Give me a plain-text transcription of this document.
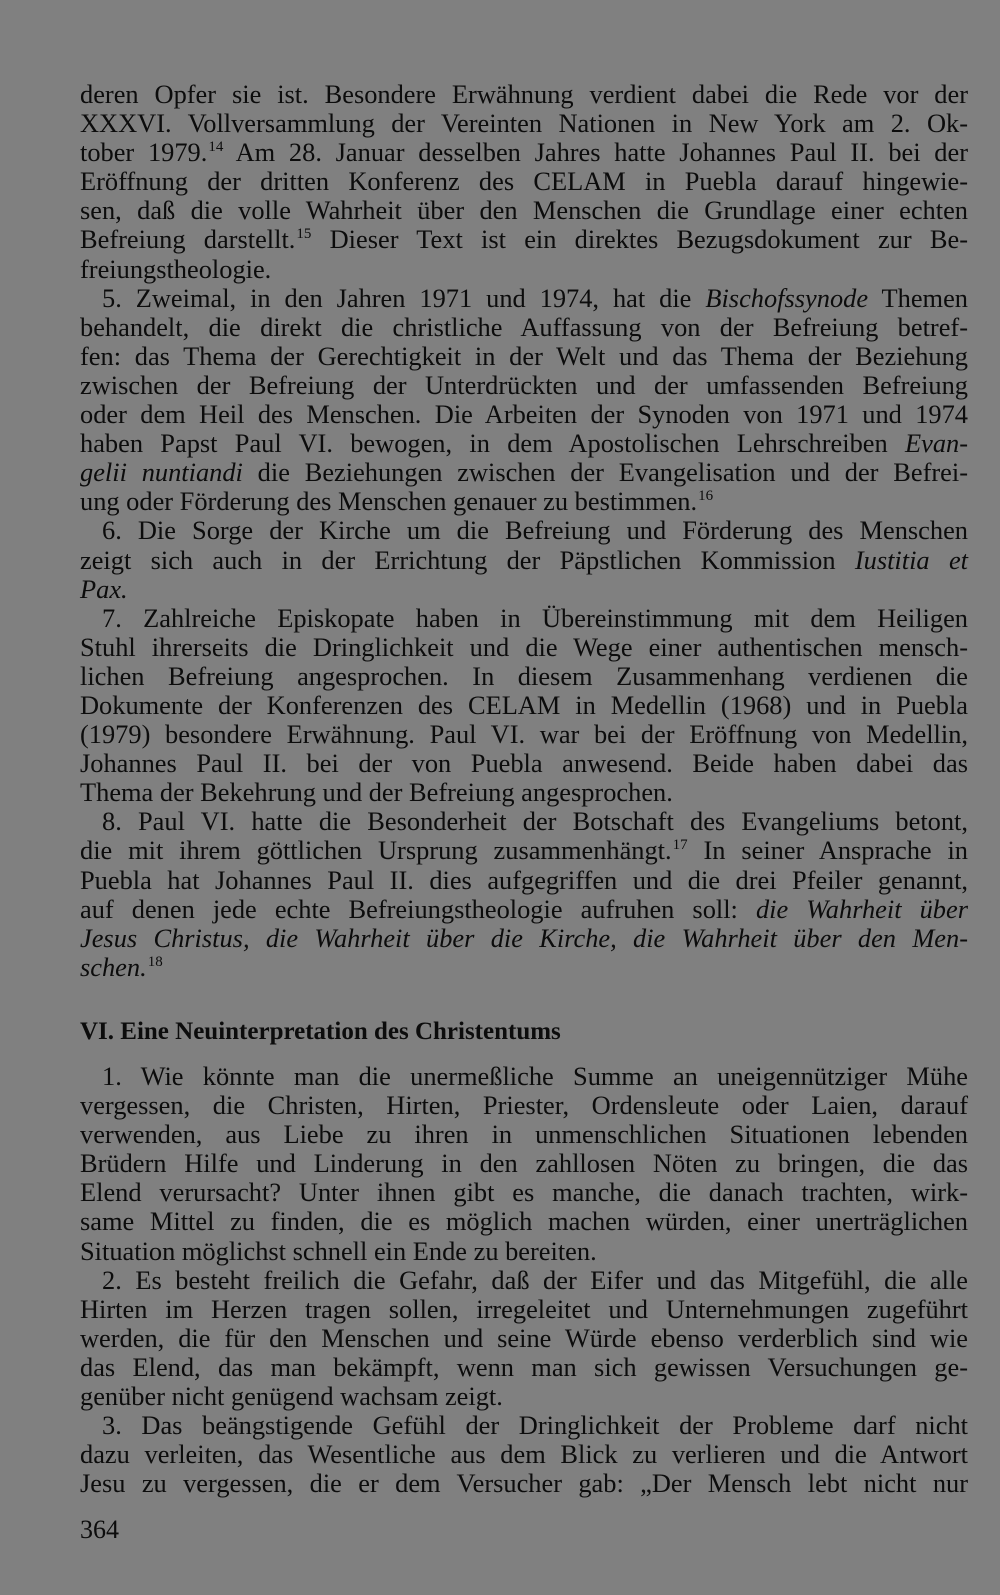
deren Opfer sie ist. Besondere Erwähnung verdient dabei die Rede vor der
XXXVI. Vollversammlung der Vereinten Nationen in New York am 2. Ok-
tober 1979.14 Am 28. Januar desselben Jahres hatte Johannes Paul II. bei der
Eröffnung der dritten Konferenz des CELAM in Puebla darauf hingewie-
sen, daß die volle Wahrheit über den Menschen die Grundlage einer echten
Befreiung darstellt.$^{15}$ Dieser Text ist ein direktes Bezugsdokument zur Be-
freiungstheologie.
5. Zweimal, in den Jahren 1971 und 1974, hat die Bischofssynode Themen
behandelt, die direkt die christliche Auffassung von der Befreiung betref-
fen: das Thema der Gerechtigkeit in der Welt und das Thema der Beziehung
zwischen der Befreiung der Unterdrückten und der umfassenden Befreiung
oder dem Heil des Menschen. Die Arbeiten der Synoden von 1971 und 1974
haben Papst Paul VI. bewogen, in dem Apostolischen Lehrschreiben Evan-
gelii nuntiandi die Beziehungen zwischen der Evangelisation und der Befrei-
ung oder Förderung des Menschen genauer zu bestimmen.$^{16}$
6. Die Sorge der Kirche um die Befreiung und Förderung des Menschen
zeigt sich auch in der Errichtung der Päpstlichen Kommission Iustitia et
Pax.
7. Zahlreiche Episkopate haben in Übereinstimmung mit dem Heiligen
Stuhl ihrerseits die Dringlichkeit und die Wege einer authentischen mensch-
lichen Befreiung angesprochen. In diesem Zusammenhang verdienen die
Dokumente der Konferenzen des CELAM in Medellin (1968) und in Puebla
(1979) besondere Erwähnung. Paul VI. war bei der Eröffnung von Medellin,
Johannes Paul II. bei der von Puebla anwesend. Beide haben dabei das
Thema der Bekehrung und der Befreiung angesprochen.
8. Paul VI. hatte die Besonderheit der Botschaft des Evangeliums betont,
die mit ihrem göttlichen Ursprung zusammenhängt.$^{17}$ In seiner Ansprache in
Puebla hat Johannes Paul II. dies aufgegriffen und die drei Pfeiler genannt,
auf denen jede echte Befreiungstheologie aufruhen soll: die Wahrheit über
Jesus Christus, die Wahrheit über die Kirche, die Wahrheit über den Men-
schen.$^{18}$
VI. Eine Neuinterpretation des Christentums
1. Wie könnte man die unermeßliche Summe an uneigennütziger Mühe
vergessen, die Christen, Hirten, Priester, Ordensleute oder Laien, darauf
verwenden, aus Liebe zu ihren in unmenschlichen Situationen lebenden
Brüdern Hilfe und Linderung in den zahllosen Nöten zu bringen, die das
Elend verursacht? Unter ihnen gibt es manche, die danach trachten, wirk-
same Mittel zu finden, die es möglich machen würden, einer unerträglichen
Situation möglichst schnell ein Ende zu bereiten.
2. Es besteht freilich die Gefahr, daß der Eifer und das Mitgefühl, die alle
Hirten im Herzen tragen sollen, irregeleitet und Unternehmungen zugeführt
werden, die für den Menschen und seine Würde ebenso verderblich sind wie
das Elend, das man bekämpft, wenn man sich gewissen Versuchungen ge-
genüber nicht genügend wachsam zeigt.
3. Das beängstigende Gefühl der Dringlichkeit der Probleme darf nicht
dazu verleiten, das Wesentliche aus dem Blick zu verlieren und die Antwort
Jesu zu vergessen, die er dem Versucher gab: „Der Mensch lebt nicht nur
364
